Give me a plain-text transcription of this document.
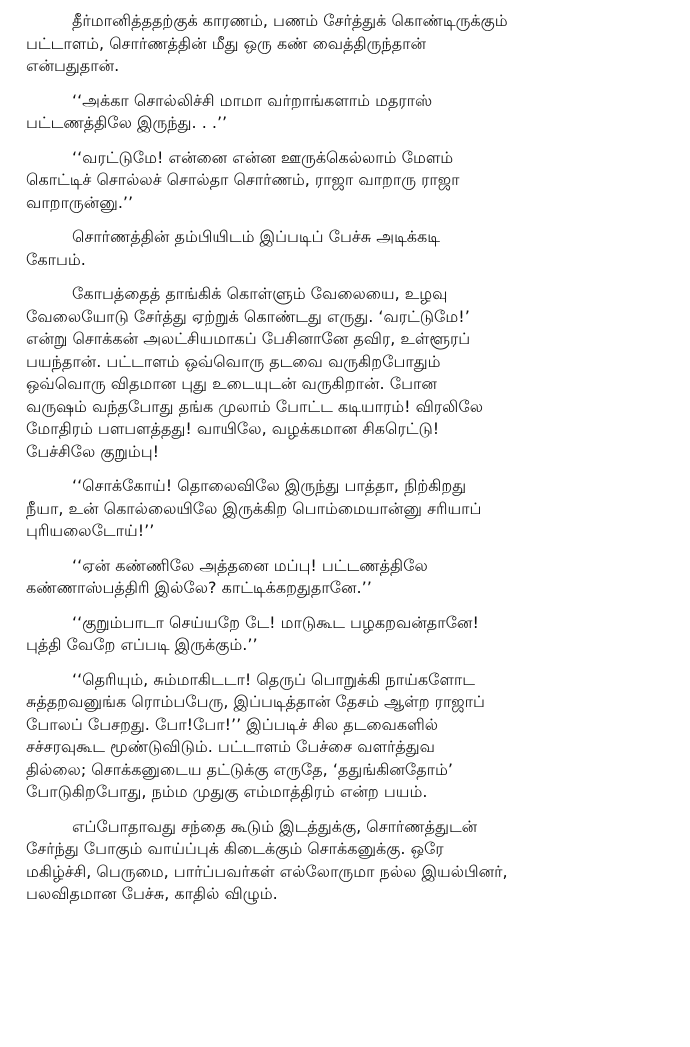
தீர்மானித்ததற்குக் காரணம், பணம் சேர்த்துக் கொண்டிருக்கும்
பட்டாளம், சொர்ணத்தின் மீது ஒரு கண் வைத்திருந்தான்
என்பதுதான்.

‘‘அக்கா சொல்லிச்சி மாமா வர்றாங்களாம் மதராஸ்
பட்டணத்திலே இருந்து. . .’’

‘‘வரட்டுமே! என்னை என்ன ஊருக்கெல்லாம் மேளம்
கொட்டிச் சொல்லச் சொல்தா சொர்ணம், ராஜா வாறாரு ராஜா
வாறாருன்னு.’’

சொர்ணத்தின் தம்பியிடம் இப்படிப் பேச்சு அடிக்கடி
கோபம்.

கோபத்தைத் தாங்கிக் கொள்ளும் வேலையை, உழவு
வேலையோடு சேர்த்து ஏற்றுக் கொண்டது எருது. ‘வரட்டுமே!’
என்று சொக்கன் அலட்சியமாகப் பேசினானே தவிர, உள்ளூரப்
பயந்தான். பட்டாளம் ஒவ்வொரு தடவை வருகிறபோதும்
ஒவ்வொரு விதமான புது உடையுடன் வருகிறான். போன
வருஷம் வந்தபோது தங்க முலாம் போட்ட கடியாரம்! விரலிலே
மோதிரம் பளபளத்தது! வாயிலே, வழக்கமான சிகரெட்டு!
பேச்சிலே குறும்பு!

‘‘சொக்கோய்! தொலைவிலே இருந்து பாத்தா, நிற்கிறது
நீயா, உன் கொல்லையிலே இருக்கிற பொம்மையான்னு சரியாப்
புரியலைடோய்!’’

‘‘ஏன் கண்ணிலே அத்தனை மப்பு! பட்டணத்திலே
கண்ணாஸ்பத்திரி இல்லே? காட்டிக்கறதுதானே.’’

‘‘குறும்பாடா செய்யறே டே! மாடுகூட பழகறவன்தானே!
புத்தி வேறே எப்படி இருக்கும்.’’

‘‘தெரியும், சும்மாகிடடா! தெருப் பொறுக்கி நாய்களோட
சுத்தறவனுங்க ரொம்பபேரு, இப்படித்தான் தேசம் ஆள்ற ராஜாப்
போலப் பேசறது. போ!போ!’’ இப்படிச் சில தடவைகளில்
சச்சரவுகூட மூண்டுவிடும். பட்டாளம் பேச்சை வளர்த்துவ
தில்லை; சொக்கனுடைய தட்டுக்கு எருதே, ‘ததுங்கினதோம்’
போடுகிறபோது, நம்ம முதுகு எம்மாத்திரம் என்ற பயம்.

எப்போதாவது சந்தை கூடும் இடத்துக்கு, சொர்ணத்துடன்
சேர்ந்து போகும் வாய்ப்புக் கிடைக்கும் சொக்கனுக்கு. ஒரே
மகிழ்ச்சி, பெருமை, பார்ப்பவர்கள் எல்லோருமா நல்ல இயல்பினர்,
பலவிதமான பேச்சு, காதில் விழும்.
